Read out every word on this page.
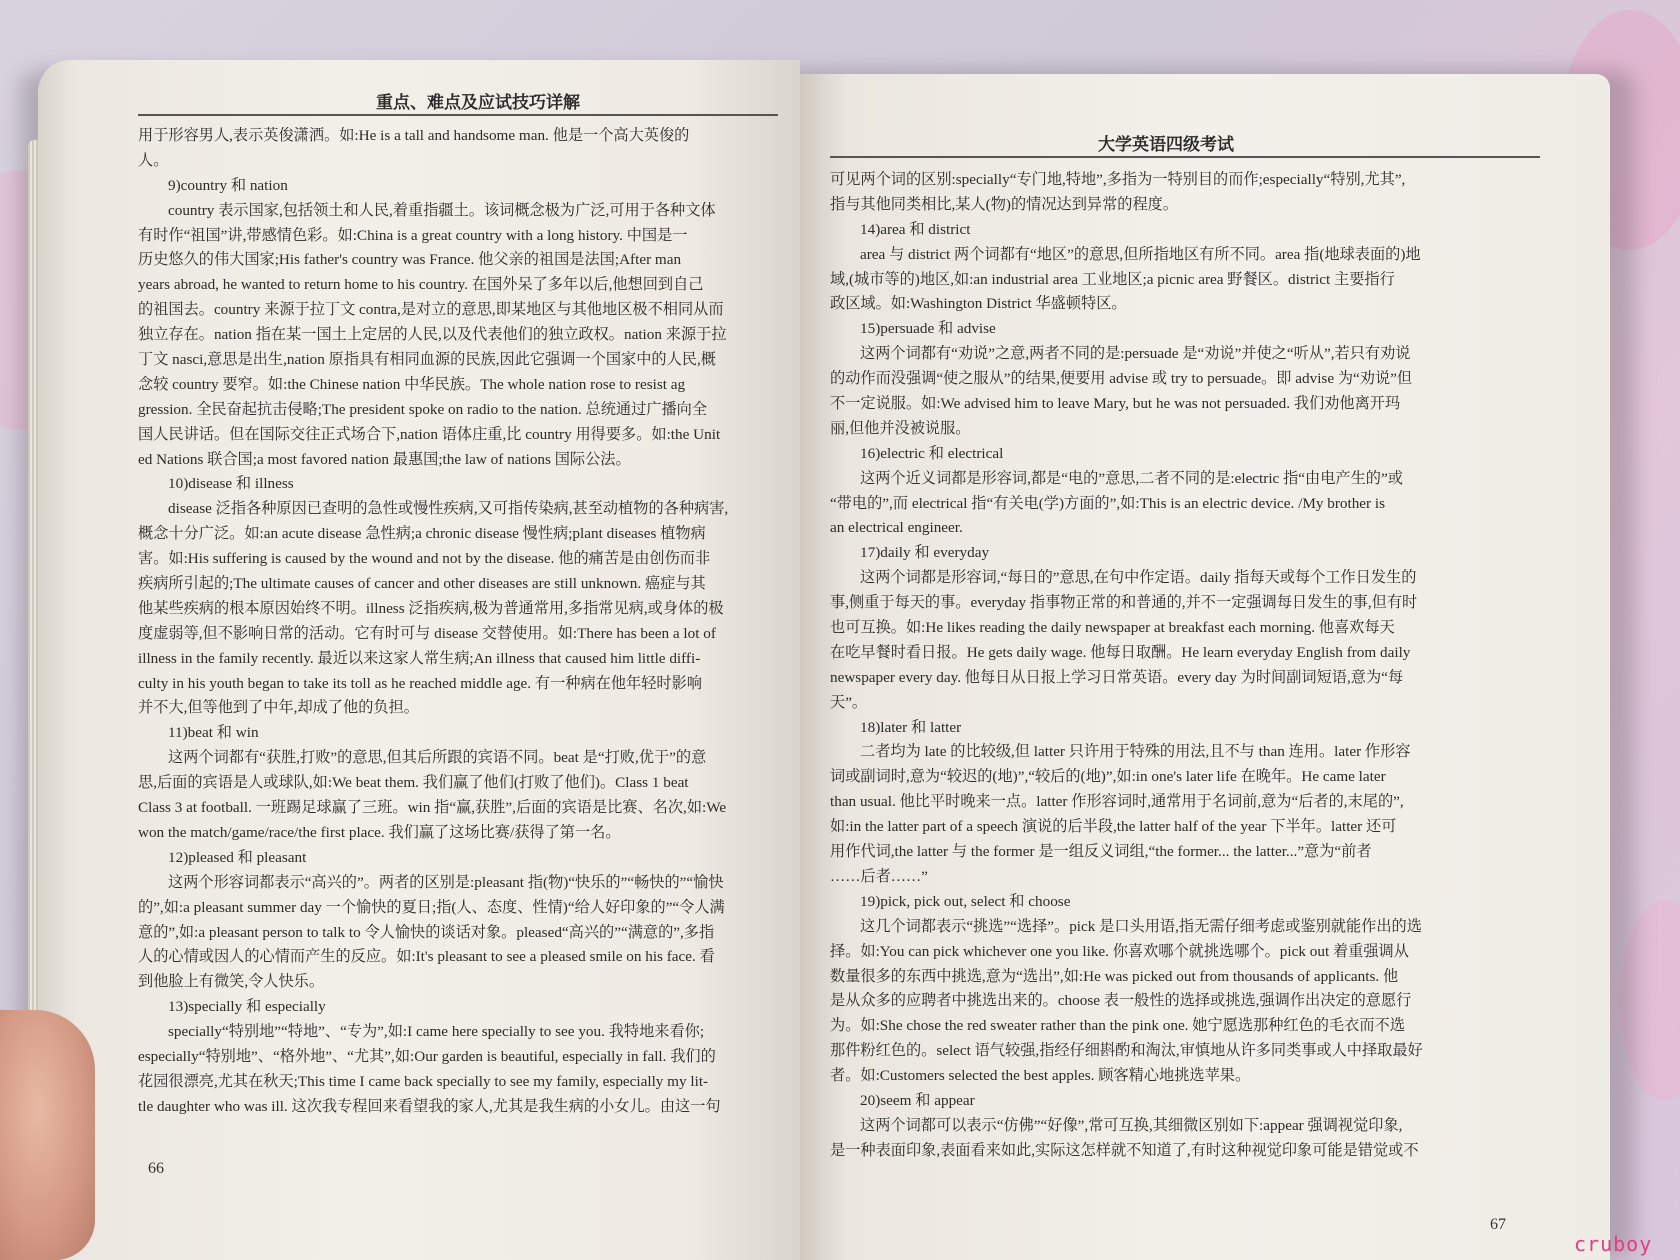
重点、难点及应试技巧详解
用于形容男人,表示英俊潇洒。如:He is a tall and handsome man. 他是一个高大英俊的
人。
9)country 和 nation
country 表示国家,包括领土和人民,着重指疆土。该词概念极为广泛,可用于各种文体
有时作“祖国”讲,带感情色彩。如:China is a great country with a long history. 中国是一
历史悠久的伟大国家;His father's country was France. 他父亲的祖国是法国;After man
years abroad, he wanted to return home to his country. 在国外呆了多年以后,他想回到自己
的祖国去。country 来源于拉丁文 contra,是对立的意思,即某地区与其他地区极不相同从而
独立存在。nation 指在某一国土上定居的人民,以及代表他们的独立政权。nation 来源于拉
丁文 nasci,意思是出生,nation 原指具有相同血源的民族,因此它强调一个国家中的人民,概
念较 country 要窄。如:the Chinese nation 中华民族。The whole nation rose to resist ag
gression. 全民奋起抗击侵略;The president spoke on radio to the nation. 总统通过广播向全
国人民讲话。但在国际交往正式场合下,nation 语体庄重,比 country 用得要多。如:the Unit
ed Nations 联合国;a most favored nation 最惠国;the law of nations 国际公法。
10)disease 和 illness
disease 泛指各种原因已查明的急性或慢性疾病,又可指传染病,甚至动植物的各种病害,
概念十分广泛。如:an acute disease 急性病;a chronic disease 慢性病;plant diseases 植物病
害。如:His suffering is caused by the wound and not by the disease. 他的痛苦是由创伤而非
疾病所引起的;The ultimate causes of cancer and other diseases are still unknown. 癌症与其
他某些疾病的根本原因始终不明。illness 泛指疾病,极为普通常用,多指常见病,或身体的极
度虚弱等,但不影响日常的活动。它有时可与 disease 交替使用。如:There has been a lot of
illness in the family recently. 最近以来这家人常生病;An illness that caused him little diffi-
culty in his youth began to take its toll as he reached middle age. 有一种病在他年轻时影响
并不大,但等他到了中年,却成了他的负担。
11)beat 和 win
这两个词都有“获胜,打败”的意思,但其后所跟的宾语不同。beat 是“打败,优于”的意
思,后面的宾语是人或球队,如:We beat them. 我们赢了他们(打败了他们)。Class 1 beat
Class 3 at football. 一班踢足球赢了三班。win 指“赢,获胜”,后面的宾语是比赛、名次,如:We
won the match/game/race/the first place. 我们赢了这场比赛/获得了第一名。
12)pleased 和 pleasant
这两个形容词都表示“高兴的”。两者的区别是:pleasant 指(物)“快乐的”“畅快的”“愉快
的”,如:a pleasant summer day 一个愉快的夏日;指(人、态度、性情)“给人好印象的”“令人满
意的”,如:a pleasant person to talk to 令人愉快的谈话对象。pleased“高兴的”“满意的”,多指
人的心情或因人的心情而产生的反应。如:It's pleasant to see a pleased smile on his face. 看
到他脸上有微笑,令人快乐。
13)specially 和 especially
specially“特别地”“特地”、“专为”,如:I came here specially to see you. 我特地来看你;
especially“特别地”、“格外地”、“尤其”,如:Our garden is beautiful, especially in fall. 我们的
花园很漂亮,尤其在秋天;This time I came back specially to see my family, especially my lit-
tle daughter who was ill. 这次我专程回来看望我的家人,尤其是我生病的小女儿。由这一句
66
大学英语四级考试
可见两个词的区别:specially“专门地,特地”,多指为一特别目的而作;especially“特别,尤其”,
指与其他同类相比,某人(物)的情况达到异常的程度。
14)area 和 district
area 与 district 两个词都有“地区”的意思,但所指地区有所不同。area 指(地球表面的)地
域,(城市等的)地区,如:an industrial area 工业地区;a picnic area 野餐区。district 主要指行
政区域。如:Washington District 华盛顿特区。
15)persuade 和 advise
这两个词都有“劝说”之意,两者不同的是:persuade 是“劝说”并使之“听从”,若只有劝说
的动作而没强调“使之服从”的结果,便要用 advise 或 try to persuade。即 advise 为“劝说”但
不一定说服。如:We advised him to leave Mary, but he was not persuaded. 我们劝他离开玛
丽,但他并没被说服。
16)electric 和 electrical
这两个近义词都是形容词,都是“电的”意思,二者不同的是:electric 指“由电产生的”或
“带电的”,而 electrical 指“有关电(学)方面的”,如:This is an electric device. /My brother is
an electrical engineer.
17)daily 和 everyday
这两个词都是形容词,“每日的”意思,在句中作定语。daily 指每天或每个工作日发生的
事,侧重于每天的事。everyday 指事物正常的和普通的,并不一定强调每日发生的事,但有时
也可互换。如:He likes reading the daily newspaper at breakfast each morning. 他喜欢每天
在吃早餐时看日报。He gets daily wage. 他每日取酬。He learn everyday English from daily
newspaper every day. 他每日从日报上学习日常英语。every day 为时间副词短语,意为“每
天”。
18)later 和 latter
二者均为 late 的比较级,但 latter 只许用于特殊的用法,且不与 than 连用。later 作形容
词或副词时,意为“较迟的(地)”,“较后的(地)”,如:in one's later life 在晚年。He came later
than usual. 他比平时晚来一点。latter 作形容词时,通常用于名词前,意为“后者的,末尾的”,
如:in the latter part of a speech 演说的后半段,the latter half of the year 下半年。latter 还可
用作代词,the latter 与 the former 是一组反义词组,“the former... the latter...”意为“前者
……后者……”
19)pick, pick out, select 和 choose
这几个词都表示“挑选”“选择”。pick 是口头用语,指无需仔细考虑或鉴别就能作出的选
择。如:You can pick whichever one you like. 你喜欢哪个就挑选哪个。pick out 着重强调从
数量很多的东西中挑选,意为“选出”,如:He was picked out from thousands of applicants. 他
是从众多的应聘者中挑选出来的。choose 表一般性的选择或挑选,强调作出决定的意愿行
为。如:She chose the red sweater rather than the pink one. 她宁愿选那种红色的毛衣而不选
那件粉红色的。select 语气较强,指经仔细斟酌和淘汰,审慎地从许多同类事或人中择取最好
者。如:Customers selected the best apples. 顾客精心地挑选苹果。
20)seem 和 appear
这两个词都可以表示“仿佛”“好像”,常可互换,其细微区别如下:appear 强调视觉印象,
是一种表面印象,表面看来如此,实际这怎样就不知道了,有时这种视觉印象可能是错觉或不
67
cruboy
